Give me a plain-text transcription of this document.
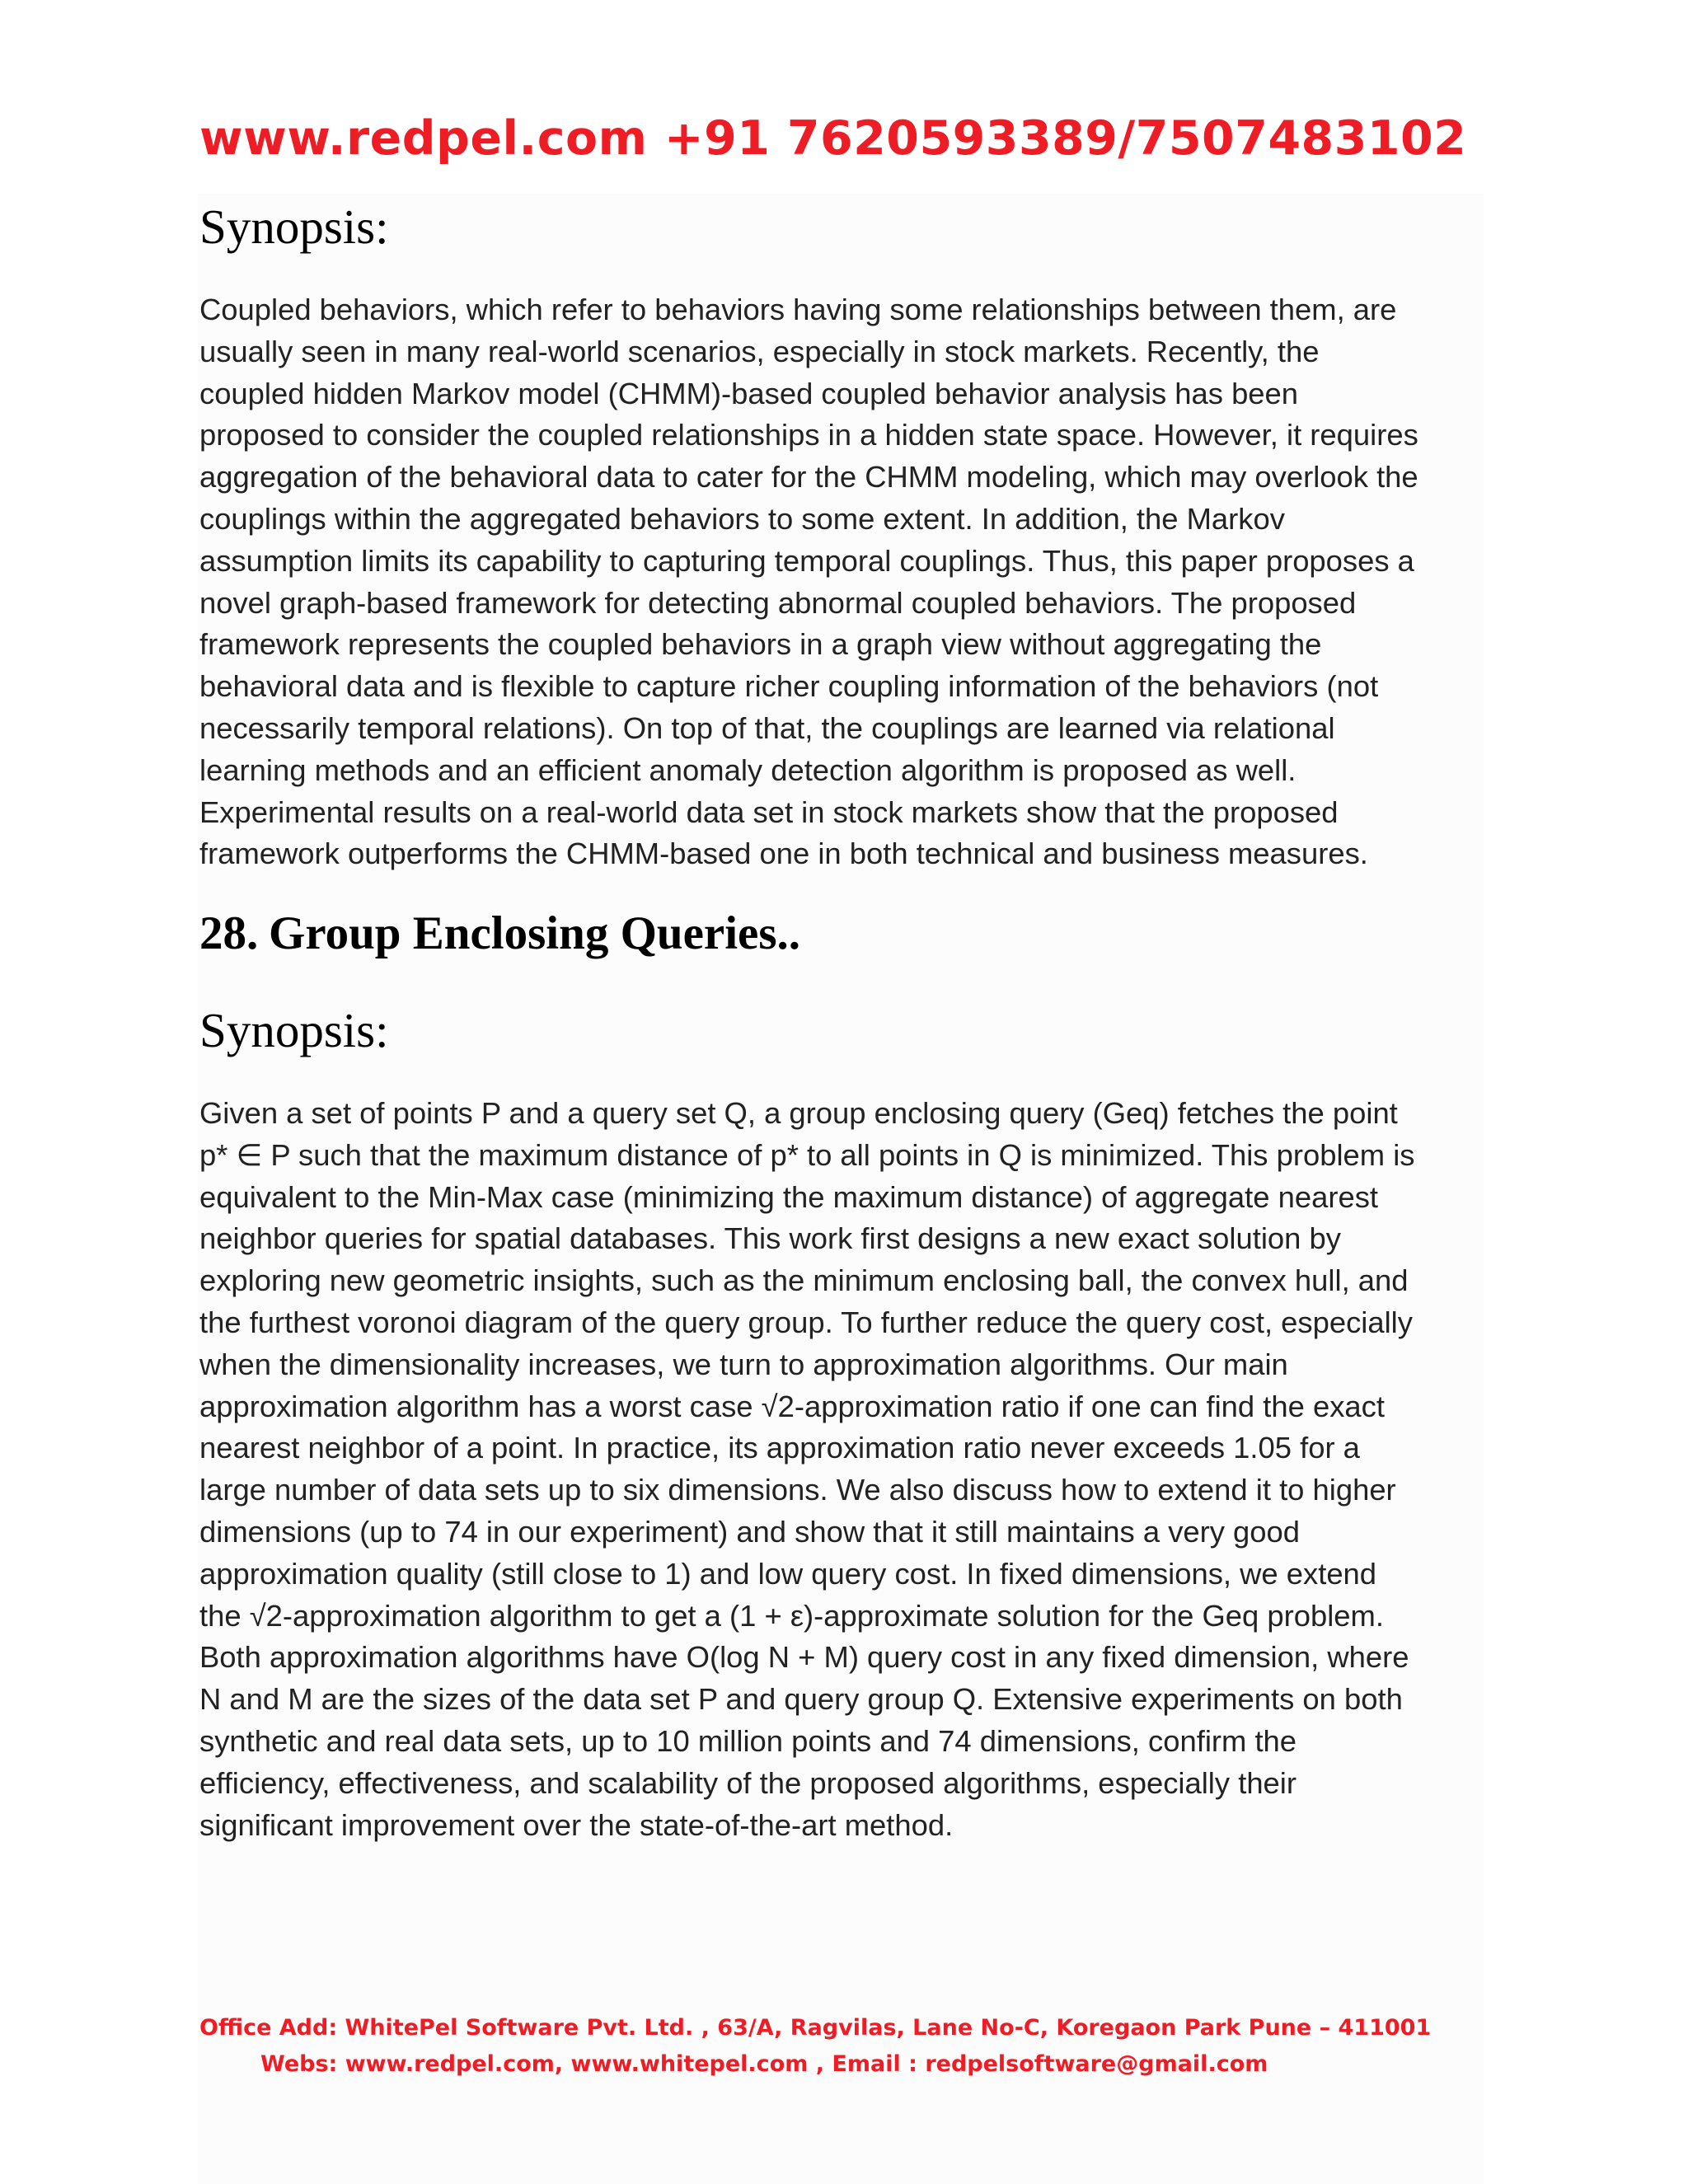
www.redpel.com +91 7620593389/7507483102

Synopsis:
Coupled behaviors, which refer to behaviors having some relationships between them, are
usually seen in many real-world scenarios, especially in stock markets. Recently, the
coupled hidden Markov model (CHMM)-based coupled behavior analysis has been
proposed to consider the coupled relationships in a hidden state space. However, it requires
aggregation of the behavioral data to cater for the CHMM modeling, which may overlook the
couplings within the aggregated behaviors to some extent. In addition, the Markov
assumption limits its capability to capturing temporal couplings. Thus, this paper proposes a
novel graph-based framework for detecting abnormal coupled behaviors. The proposed
framework represents the coupled behaviors in a graph view without aggregating the
behavioral data and is flexible to capture richer coupling information of the behaviors (not
necessarily temporal relations). On top of that, the couplings are learned via relational
learning methods and an efficient anomaly detection algorithm is proposed as well.
Experimental results on a real-world data set in stock markets show that the proposed
framework outperforms the CHMM-based one in both technical and business measures.
28. Group Enclosing Queries..
Synopsis:
Given a set of points P and a query set Q, a group enclosing query (Geq) fetches the point
p* ∈ P such that the maximum distance of p* to all points in Q is minimized. This problem is
equivalent to the Min-Max case (minimizing the maximum distance) of aggregate nearest
neighbor queries for spatial databases. This work first designs a new exact solution by
exploring new geometric insights, such as the minimum enclosing ball, the convex hull, and
the furthest voronoi diagram of the query group. To further reduce the query cost, especially
when the dimensionality increases, we turn to approximation algorithms. Our main
approximation algorithm has a worst case √2-approximation ratio if one can find the exact
nearest neighbor of a point. In practice, its approximation ratio never exceeds 1.05 for a
large number of data sets up to six dimensions. We also discuss how to extend it to higher
dimensions (up to 74 in our experiment) and show that it still maintains a very good
approximation quality (still close to 1) and low query cost. In fixed dimensions, we extend
the √2-approximation algorithm to get a (1 + ε)-approximate solution for the Geq problem.
Both approximation algorithms have O(log N + M) query cost in any fixed dimension, where
N and M are the sizes of the data set P and query group Q. Extensive experiments on both
synthetic and real data sets, up to 10 million points and 74 dimensions, confirm the
efficiency, effectiveness, and scalability of the proposed algorithms, especially their
significant improvement over the state-of-the-art method.

Office Add: WhitePel Software Pvt. Ltd. , 63/A, Ragvilas, Lane No-C, Koregaon Park Pune – 411001

Webs: www.redpel.com, www.whitepel.com , Email : redpelsoftware@gmail.com
